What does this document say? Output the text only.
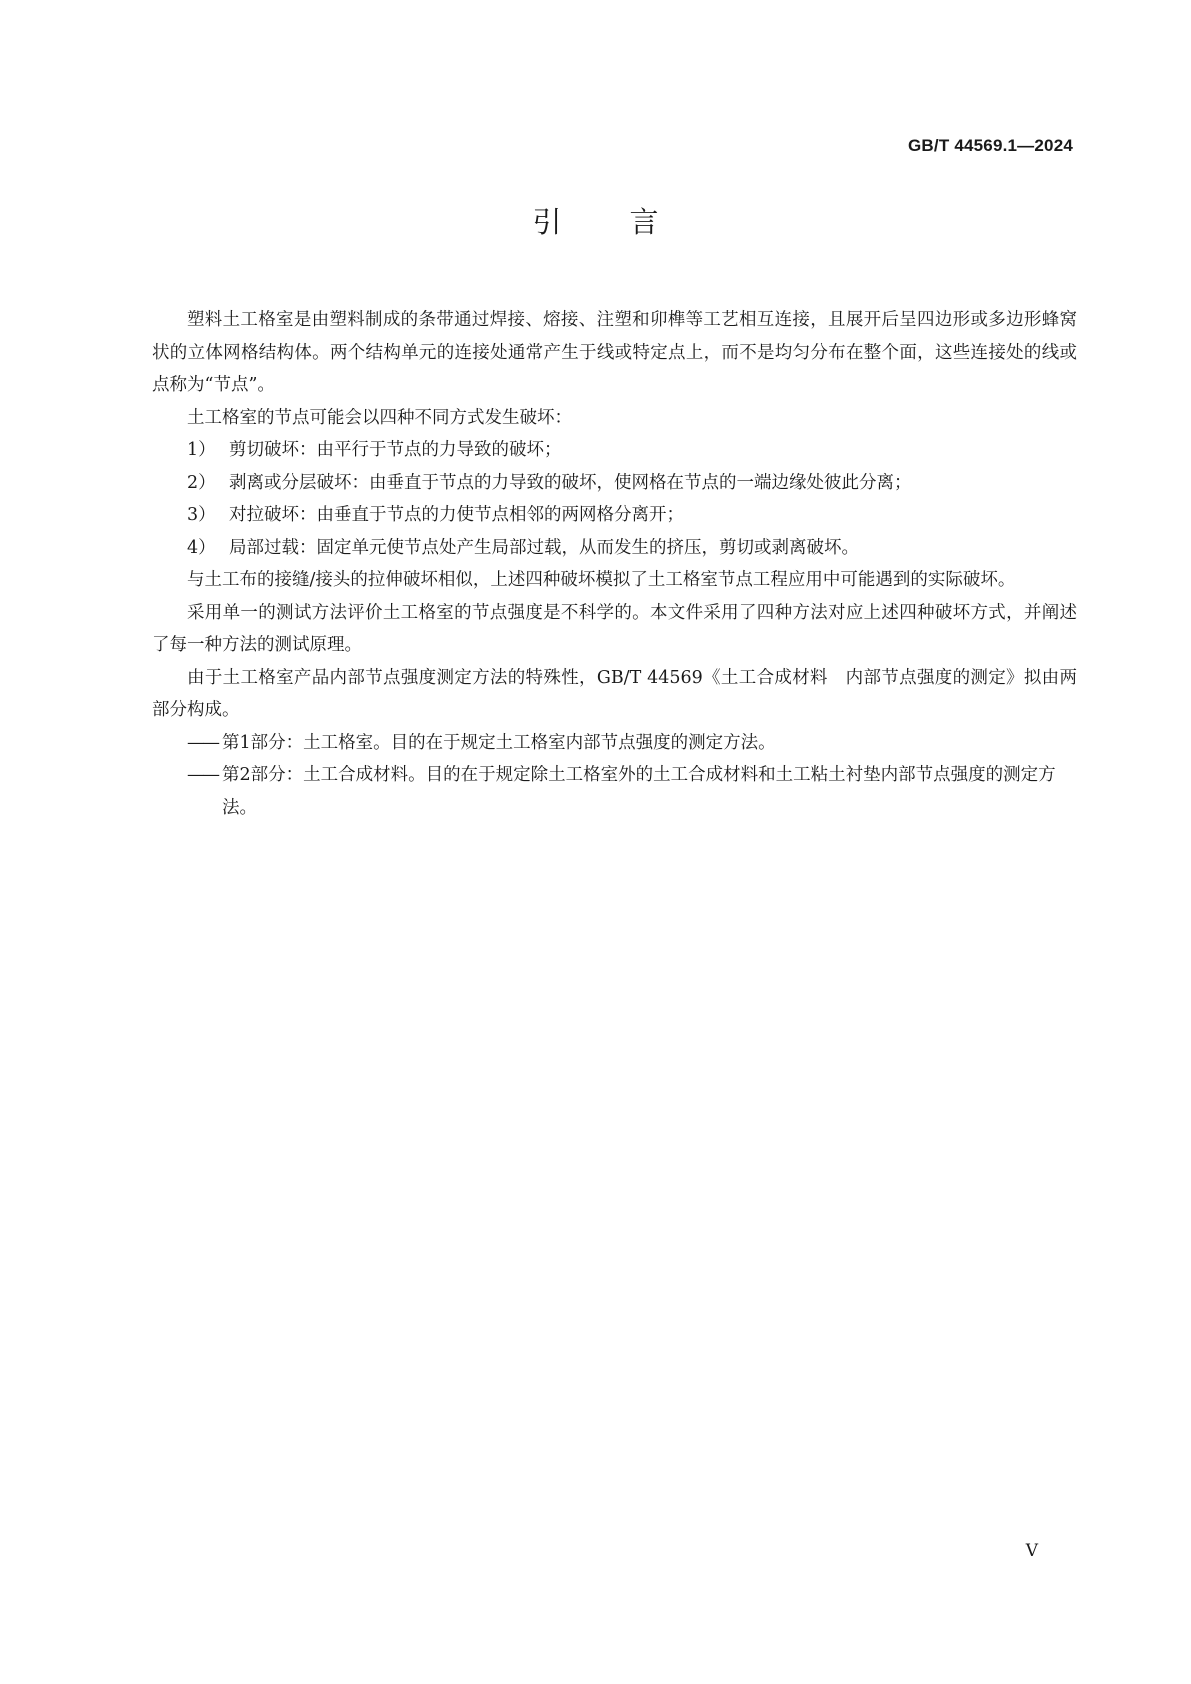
GB/T 44569.1—2024
引言

塑料土工格室是由塑料制成的条带通过焊接、熔接、注塑和卯榫等工艺相互连接，且展开后呈四边形或多边形蜂窝状的立体网格结构体。两个结构单元的连接处通常产生于线或特定点上，而不是均匀分布在整个面，这些连接处的线或点称为“节点”。

土工格室的节点可能会以四种不同方式发生破坏：

1） 剪切破坏：由平行于节点的力导致的破坏；

2） 剥离或分层破坏：由垂直于节点的力导致的破坏，使网格在节点的一端边缘处彼此分离；

3） 对拉破坏：由垂直于节点的力使节点相邻的两网格分离开；

4） 局部过载：固定单元使节点处产生局部过载，从而发生的挤压，剪切或剥离破坏。

与土工布的接缝/接头的拉伸破坏相似，上述四种破坏模拟了土工格室节点工程应用中可能遇到的实际破坏。

采用单一的测试方法评价土工格室的节点强度是不科学的。本文件采用了四种方法对应上述四种破坏方式，并阐述了每一种方法的测试原理。

由于土工格室产品内部节点强度测定方法的特殊性，GB/T 44569《土工合成材料　内部节点强度的测定》拟由两部分构成。

—— 第1部分：土工格室。目的在于规定土工格室内部节点强度的测定方法。

—— 第2部分：土工合成材料。目的在于规定除土工格室外的土工合成材料和土工粘土衬垫内部节点强度的测定方法。

V
